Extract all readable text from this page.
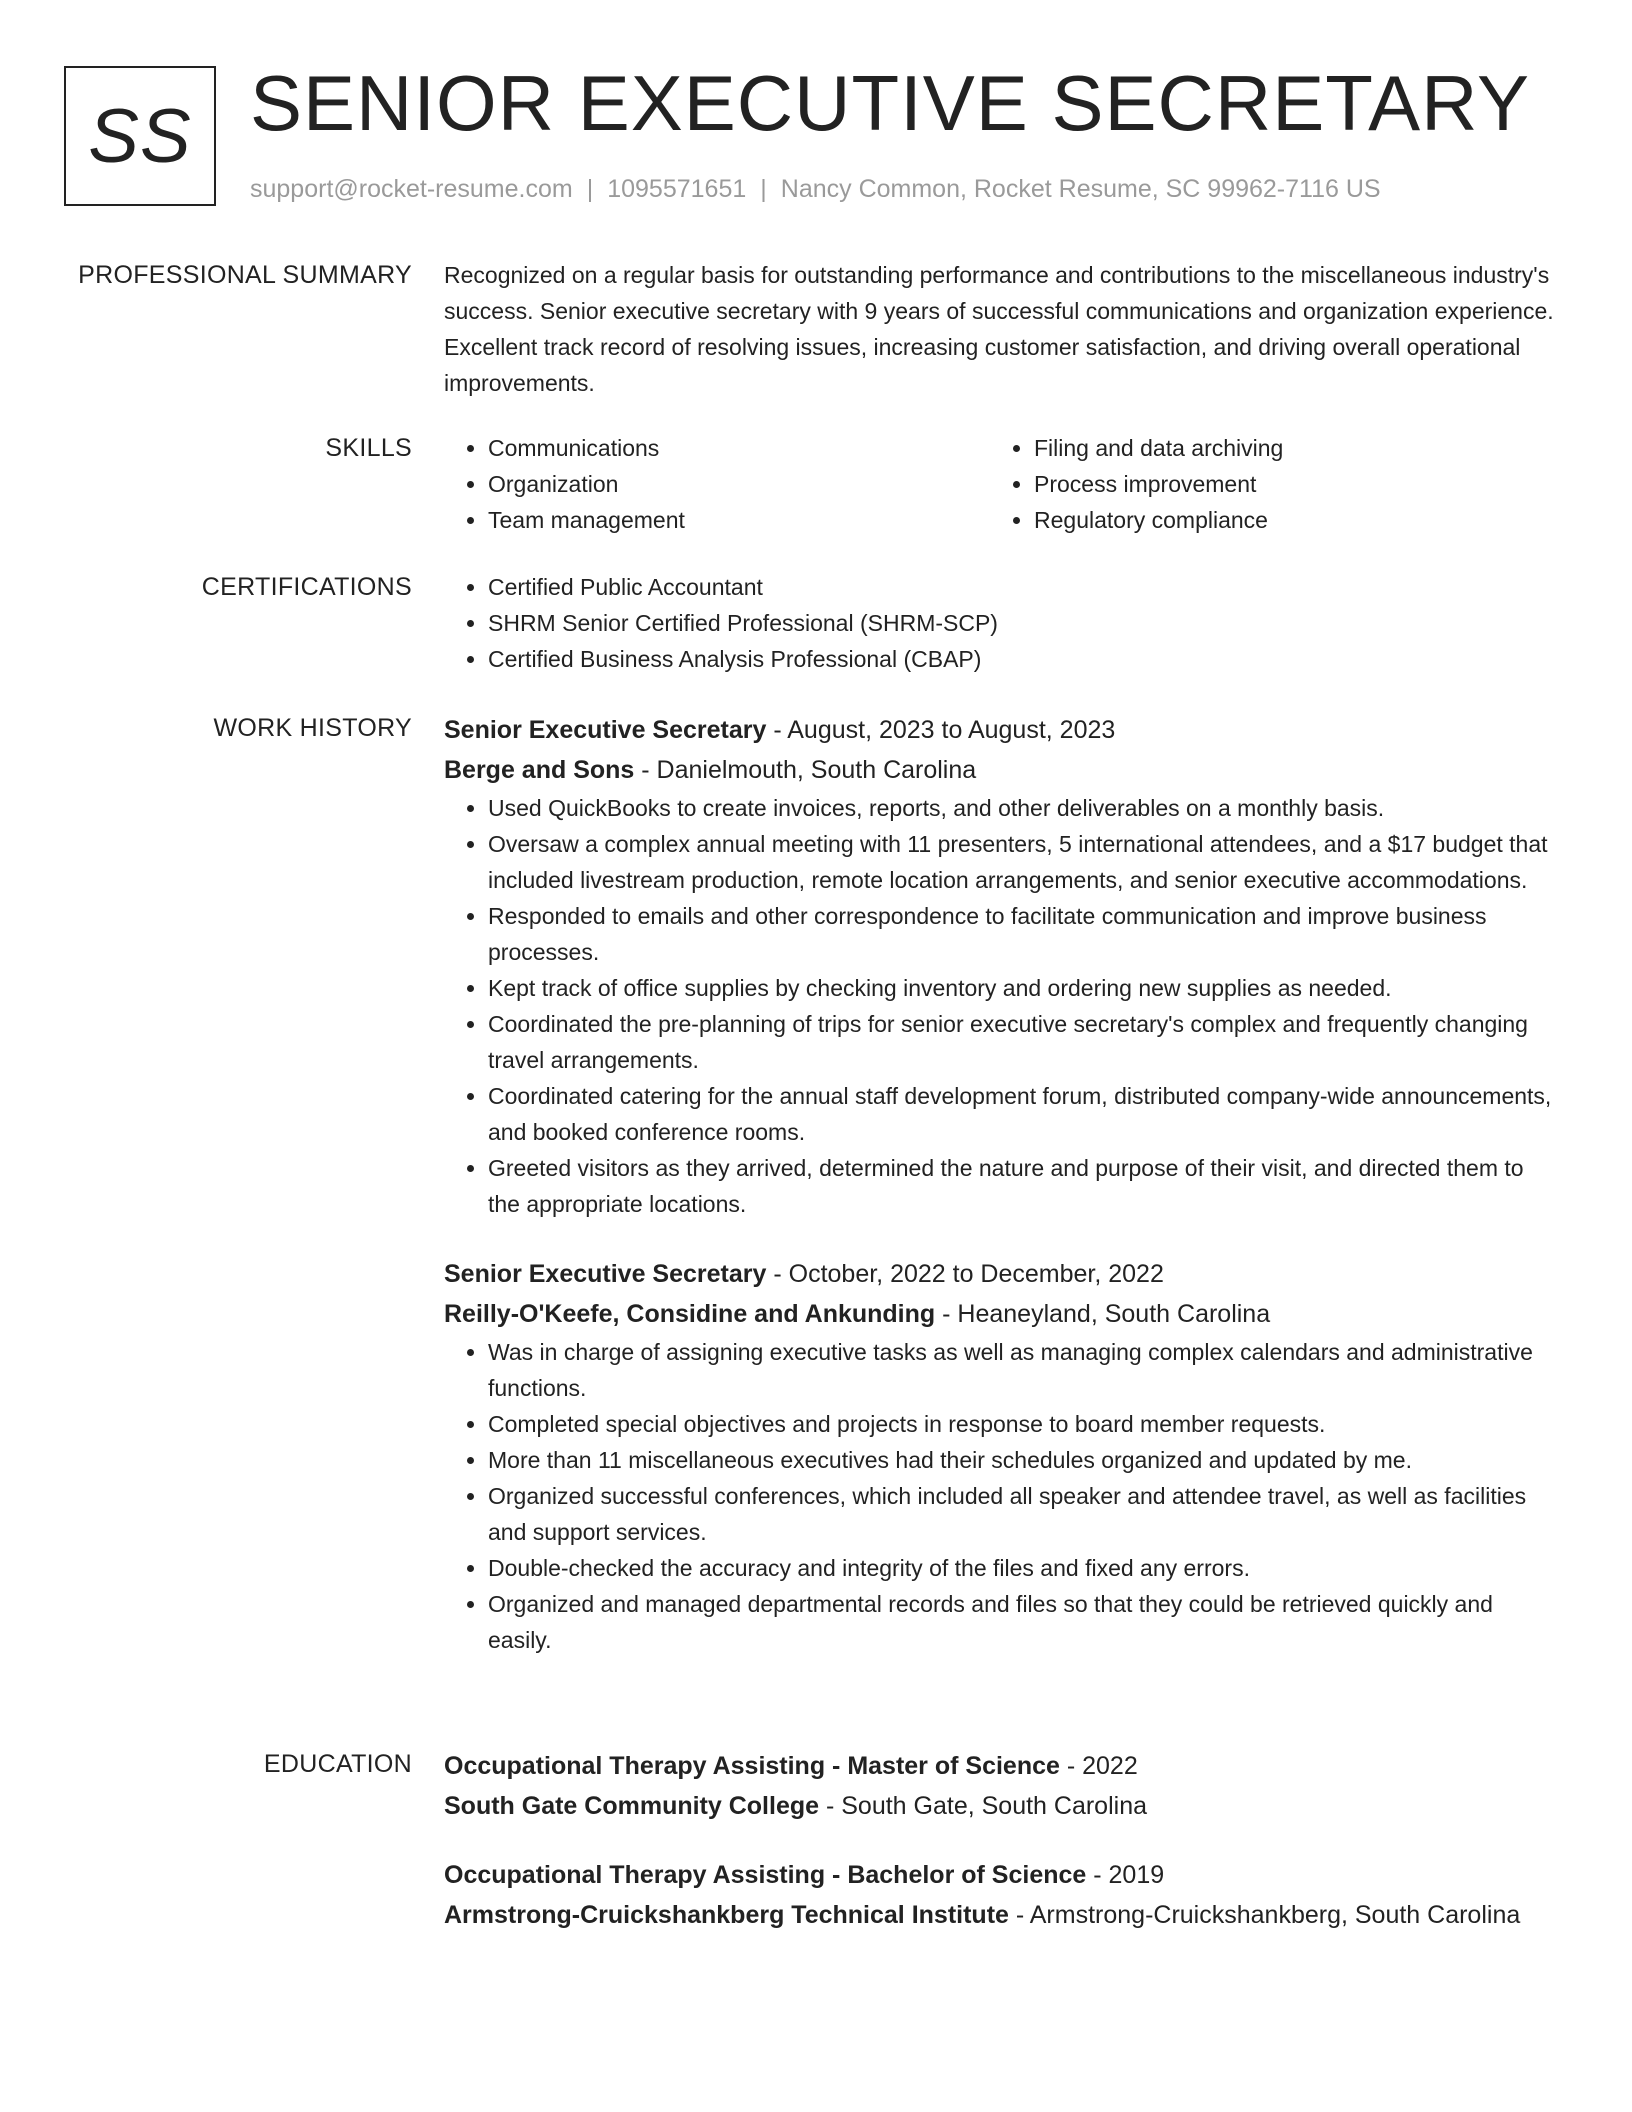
SS SENIOR EXECUTIVE SECRETARY
support@rocket-resume.com | 1095571651 | Nancy Common, Rocket Resume, SC 99962-7116 US
PROFESSIONAL SUMMARY Recognized on a regular basis for outstanding performance and contributions to the miscellaneous industry's success. Senior executive secretary with 9 years of successful communications and organization experience. Excellent track record of resolving issues, increasing customer satisfaction, and driving overall operational improvements.

SKILLS	• Communications
• Organization
• Team management
• Filing and data archiving
• Process improvement
• Regulatory compliance
CERTIFICATIONS	• Certified Public Accountant
• SHRM Senior Certified Professional (SHRM-SCP)
• Certified Business Analysis Professional (CBAP)
WORK HISTORY Senior Executive Secretary - August, 2023 to August, 2023
Berge and Sons - Danielmouth, South Carolina
• Used QuickBooks to create invoices, reports, and other deliverables on a monthly basis.
• Oversaw a complex annual meeting with 11 presenters, 5 international attendees, and a $17 budget that included livestream production, remote location arrangements, and senior executive accommodations.
• Responded to emails and other correspondence to facilitate communication and improve business processes.
• Kept track of office supplies by checking inventory and ordering new supplies as needed.
• Coordinated the pre-planning of trips for senior executive secretary's complex and frequently changing travel arrangements.
• Coordinated catering for the annual staff development forum, distributed company-wide announcements, and booked conference rooms.
• Greeted visitors as they arrived, determined the nature and purpose of their visit, and directed them to the appropriate locations.
Senior Executive Secretary - October, 2022 to December, 2022
Reilly-O'Keefe, Considine and Ankunding - Heaneyland, South Carolina
• Was in charge of assigning executive tasks as well as managing complex calendars and administrative functions.
• Completed special objectives and projects in response to board member requests.
• More than 11 miscellaneous executives had their schedules organized and updated by me.
• Organized successful conferences, which included all speaker and attendee travel, as well as facilities and support services.
• Double-checked the accuracy and integrity of the files and fixed any errors.
• Organized and managed departmental records and files so that they could be retrieved quickly and easily.
EDUCATION Occupational Therapy Assisting - Master of Science - 2022
South Gate Community College - South Gate, South Carolina
Occupational Therapy Assisting - Bachelor of Science - 2019
Armstrong-Cruickshankberg Technical Institute - Armstrong-Cruickshankberg, South Carolina
